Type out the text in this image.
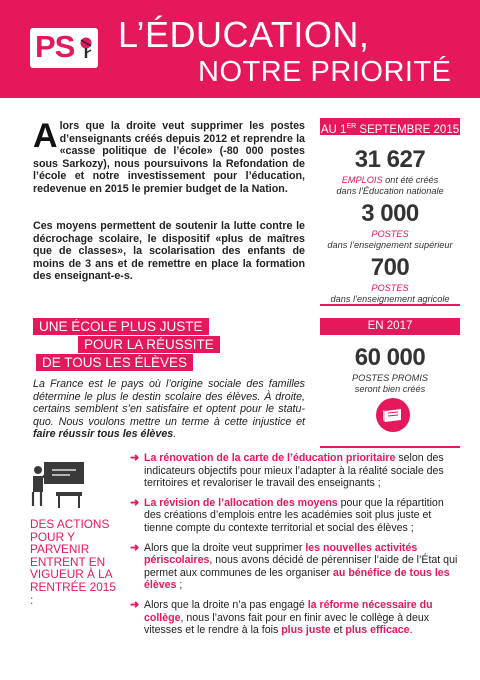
PS L’ÉDUCATION,
NOTRE PRIORITÉ
Alors que la droite veut supprimer les postes d’enseignants créés depuis 2012 et reprendre la «casse politique de l’école» (-80 000 postes sous Sarkozy), nous poursuivons la Refondation de l’école et notre investissement pour l’éducation, redevenue en 2015 le premier budget de la Nation.
Ces moyens permettent de soutenir la lutte contre le décrochage scolaire, le dispositif «plus de maîtres que de classes», la scolarisation des enfants de moins de 3 ans et de remettre en place la formation des enseignant-e-s.
UNE ÉCOLE PLUS JUSTE
POUR LA RÉUSSITE
DE TOUS LES ÉLÈVES
La France est le pays où l’origine sociale des familles détermine le plus le destin scolaire des élèves. À droite, certains semblent s’en satisfaire et optent pour le statu-quo. Nous voulons mettre un terme à cette injustice et faire réussir tous les élèves.
AU 1ER SEPTEMBRE 2015
31 627
EMPLOIS ont été créés
dans l’Éducation nationale
3 000
POSTES
dans l’enseignement supérieur
700
POSTES
dans l’enseignement agricole
EN 2017
60 000
POSTES PROMIS
seront bien créés
DES ACTIONS POUR Y PARVENIR ENTRENT EN VIGUEUR À LA RENTRÉE 2015 :
➜ La rénovation de la carte de l’éducation prioritaire selon des indicateurs objectifs pour mieux l’adapter à la réalité sociale des territoires et revaloriser le travail des enseignants ;
➜ La révision de l’allocation des moyens pour que la répartition des créations d’emplois entre les académies soit plus juste et tienne compte du contexte territorial et social des élèves ;
➜ Alors que la droite veut supprimer les nouvelles activités périscolaires, nous avons décidé de pérenniser l’aide de l’État qui permet aux communes de les organiser au bénéfice de tous les élèves ;
➜ Alors que la droite n’a pas engagé la réforme nécessaire du collège, nous l’avons fait pour en finir avec le collège à deux vitesses et le rendre à la fois plus juste et plus efficace.
